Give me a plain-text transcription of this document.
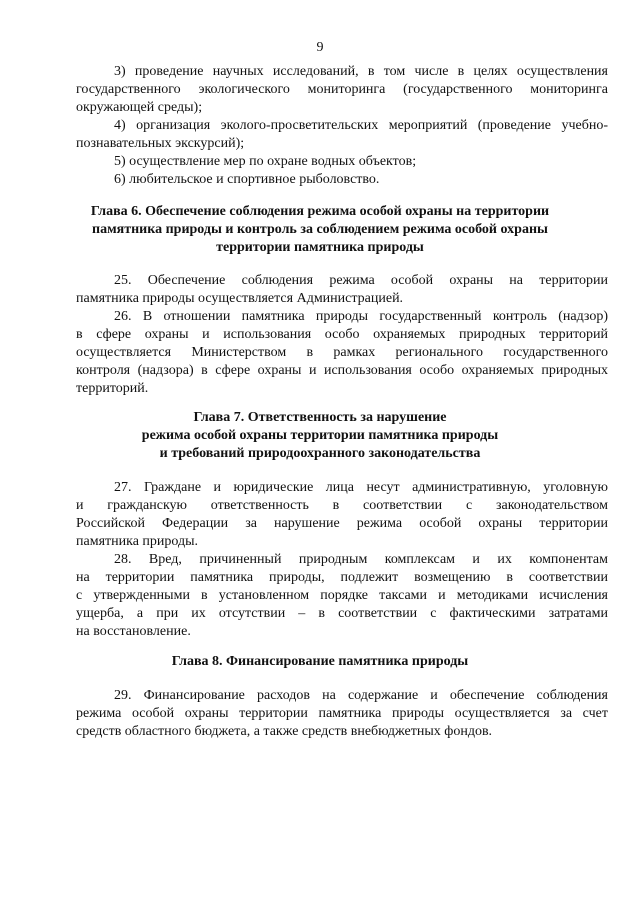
9
3) проведение научных исследований, в том числе в целях осуществления
государственного экологического мониторинга (государственного мониторинга
окружающей среды);
4) организация эколого-просветительских мероприятий (проведение учебно-
познавательных экскурсий);
5) осуществление мер по охране водных объектов;
6) любительское и спортивное рыболовство.
Глава 6. Обеспечение соблюдения режима особой охраны на территории
памятника природы и контроль за соблюдением режима особой охраны
территории памятника природы
25. Обеспечение соблюдения режима особой охраны на территории
памятника природы осуществляется Администрацией.
26. В отношении памятника природы государственный контроль (надзор)
в сфере охраны и использования особо охраняемых природных территорий
осуществляется Министерством в рамках регионального государственного
контроля (надзора) в сфере охраны и использования особо охраняемых природных
территорий.
Глава 7. Ответственность за нарушение
режима особой охраны территории памятника природы
и требований природоохранного законодательства
27. Граждане и юридические лица несут административную, уголовную
и гражданскую ответственность в соответствии с законодательством
Российской Федерации за нарушение режима особой охраны территории
памятника природы.
28. Вред, причиненный природным комплексам и их компонентам
на территории памятника природы, подлежит возмещению в соответствии
с утвержденными в установленном порядке таксами и методиками исчисления
ущерба, а при их отсутствии – в соответствии с фактическими затратами
на восстановление.
Глава 8. Финансирование памятника природы
29. Финансирование расходов на содержание и обеспечение соблюдения
режима особой охраны территории памятника природы осуществляется за счет
средств областного бюджета, а также средств внебюджетных фондов.
